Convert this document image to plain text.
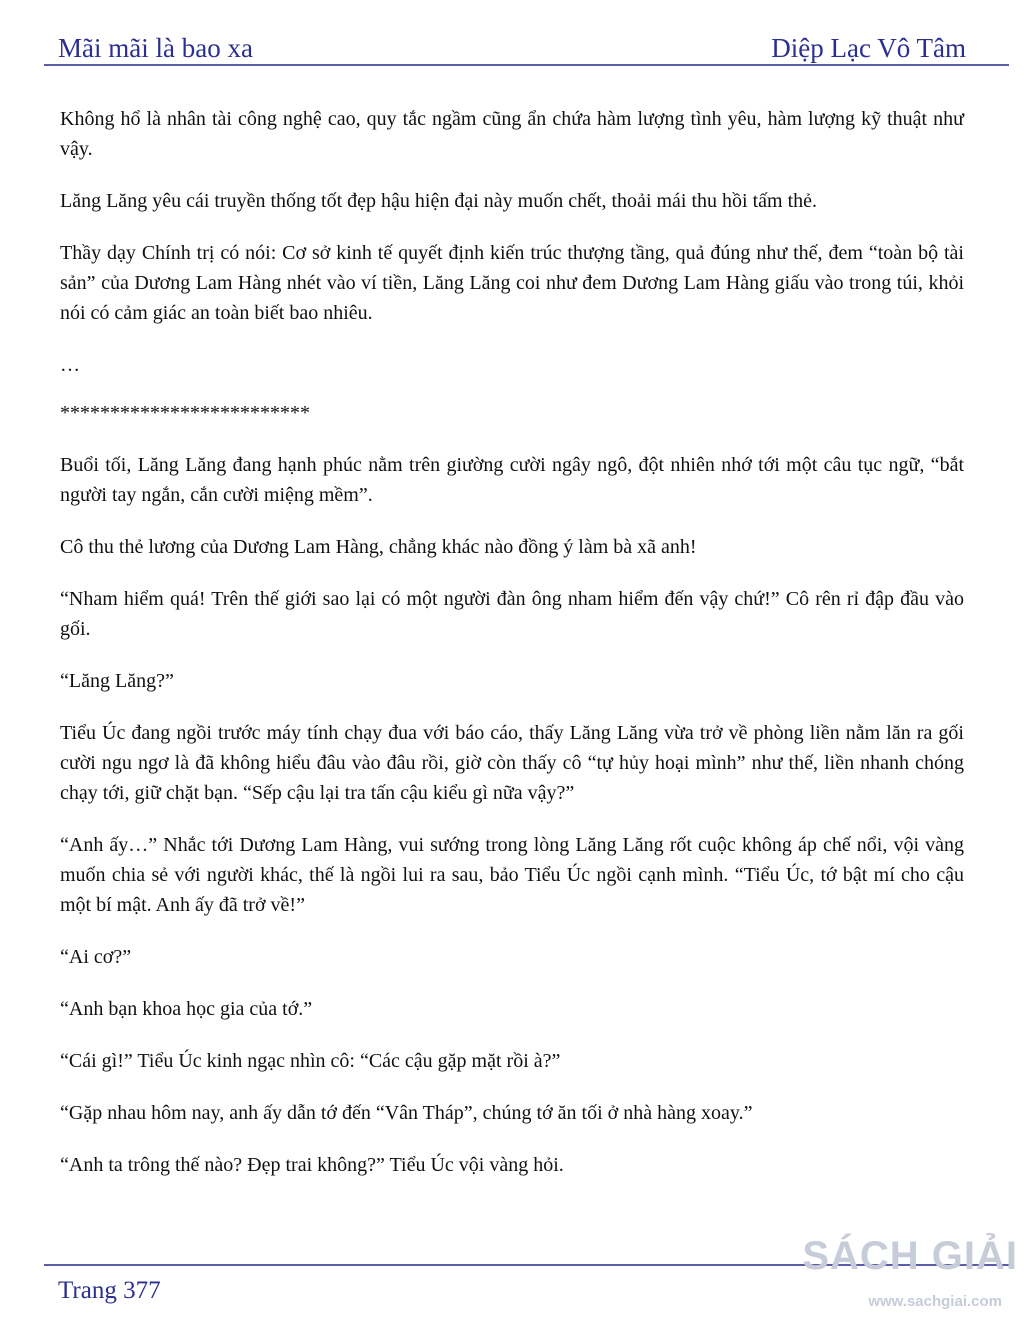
Mãi mãi là bao xa	Diệp Lạc Vô Tâm

Không hổ là nhân tài công nghệ cao, quy tắc ngầm cũng ẩn chứa hàm lượng tình yêu, hàm lượng kỹ thuật như vậy.

Lăng Lăng yêu cái truyền thống tốt đẹp hậu hiện đại này muốn chết, thoải mái thu hồi tấm thẻ.

Thầy dạy Chính trị có nói: Cơ sở kinh tế quyết định kiến trúc thượng tầng, quả đúng như thế, đem “toàn bộ tài sản” của Dương Lam Hàng nhét vào ví tiền, Lăng Lăng coi như đem Dương Lam Hàng giấu vào trong túi, khỏi nói có cảm giác an toàn biết bao nhiêu.

…

*************************

Buổi tối, Lăng Lăng đang hạnh phúc nằm trên giường cười ngây ngô, đột nhiên nhớ tới một câu tục ngữ, “bắt người tay ngắn, cắn cười miệng mềm”.

Cô thu thẻ lương của Dương Lam Hàng, chẳng khác nào đồng ý làm bà xã anh!

“Nham hiểm quá! Trên thế giới sao lại có một người đàn ông nham hiểm đến vậy chứ!” Cô rên rỉ đập đầu vào gối.

“Lăng Lăng?”

Tiểu Úc đang ngồi trước máy tính chạy đua với báo cáo, thấy Lăng Lăng vừa trở về phòng liền nằm lăn ra gối cười ngu ngơ là đã không hiểu đâu vào đâu rồi, giờ còn thấy cô “tự hủy hoại mình” như thế, liền nhanh chóng chạy tới, giữ chặt bạn. “Sếp cậu lại tra tấn cậu kiểu gì nữa vậy?”

“Anh ấy…” Nhắc tới Dương Lam Hàng, vui sướng trong lòng Lăng Lăng rốt cuộc không áp chế nổi, vội vàng muốn chia sẻ với người khác, thế là ngồi lui ra sau, bảo Tiểu Úc ngồi cạnh mình. “Tiểu Úc, tớ bật mí cho cậu một bí mật. Anh ấy đã trở về!”

“Ai cơ?”

“Anh bạn khoa học gia của tớ.”

“Cái gì!” Tiểu Úc kinh ngạc nhìn cô: “Các cậu gặp mặt rồi à?”

“Gặp nhau hôm nay, anh ấy dẫn tớ đến “Vân Tháp”, chúng tớ ăn tối ở nhà hàng xoay.”

“Anh ta trông thế nào? Đẹp trai không?” Tiểu Úc vội vàng hỏi.

Trang 377
SÁCH GIẢI
www.sachgiai.com
